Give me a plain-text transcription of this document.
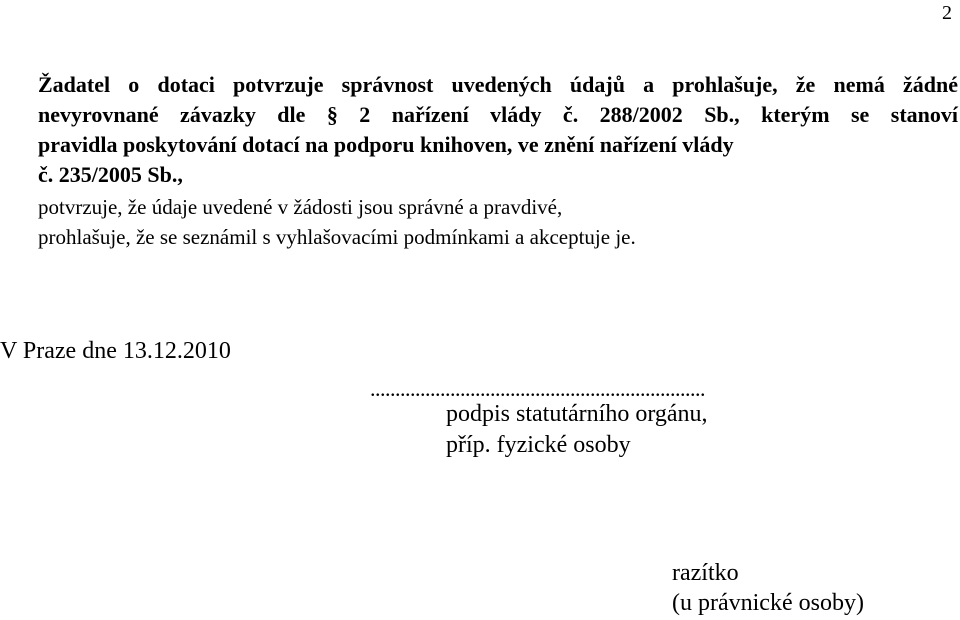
2

Žadatel o dotaci potvrzuje správnost uvedených údajů a prohlašuje, že nemá žádné

nevyrovnané závazky dle § 2 nařízení vlády č. 288/2002 Sb., kterým se stanoví

pravidla poskytování dotací na podporu knihoven, ve znění nařízení vlády

č. 235/2005 Sb.,

potvrzuje, že údaje uvedené v žádosti jsou správné a pravdivé,
prohlašuje, že se seznámil s vyhlašovacími podmínkami a akceptuje je.
V Praze dne 13.12.2010
...................................................................
podpis statutárního orgánu,
příp. fyzické osoby
razítko
(u právnické osoby)
